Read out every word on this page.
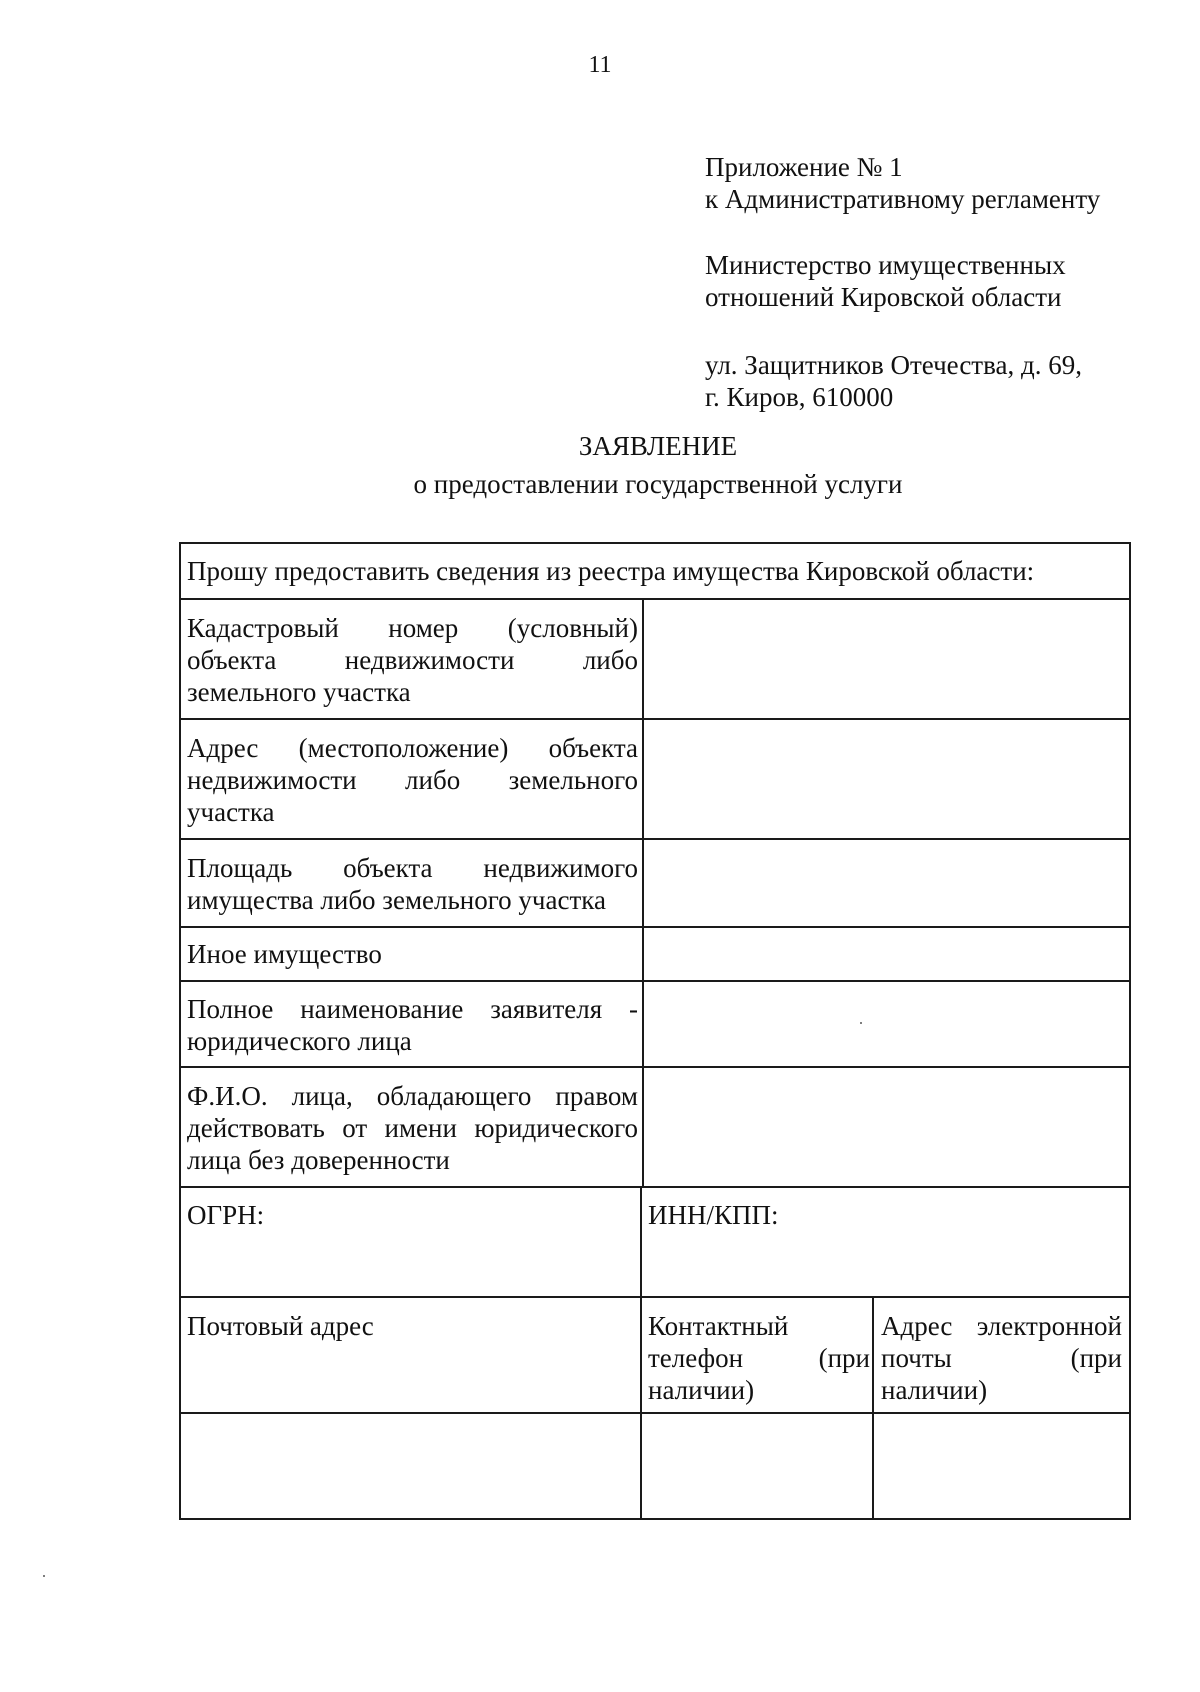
11
Приложение № 1
к Административному регламенту
Министерство имущественных
отношений Кировской области
ул. Защитников Отечества, д. 69,
г. Киров, 610000
ЗАЯВЛЕНИЕ
о предоставлении государственной услуги
Прошу предоставить сведения из реестра имущества Кировской области:
Кадастровый номер (условный) объекта недвижимости либо земельного участка
Адрес (местоположение) объекта недвижимости либо земельного участка
Площадь объекта недвижимого имущества либо земельного участка
Иное имущество
Полное наименование заявителя - юридического лица
Ф.И.О. лица, обладающего правом действовать от имени юридического лица без доверенности
ОГРН:	ИНН/КПП:
Почтовый адрес	Контактный телефон (при наличии)
Адрес электронной почты (при наличии)
